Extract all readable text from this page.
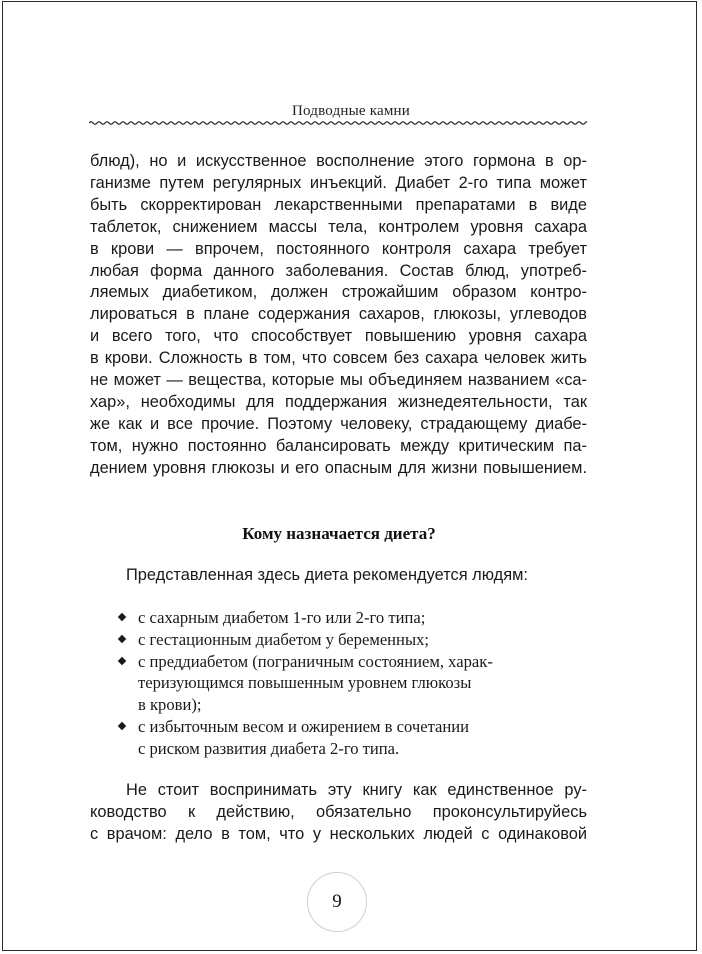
Подводные камни
блюд), но и искусственное восполнение этого гормона в ор-
ганизме путем регулярных инъекций. Диабет 2-го типа может
быть скорректирован лекарственными препаратами в виде
таблеток, снижением массы тела, контролем уровня сахара
в крови — впрочем, постоянного контроля сахара требует
любая форма данного заболевания. Состав блюд, употреб-
ляемых диабетиком, должен строжайшим образом контро-
лироваться в плане содержания сахаров, глюкозы, углеводов
и всего того, что способствует повышению уровня сахара
в крови. Сложность в том, что совсем без сахара человек жить
не может — вещества, которые мы объединяем названием «са-
хар», необходимы для поддержания жизнедеятельности, так
же как и все прочие. Поэтому человеку, страдающему диабе-
том, нужно постоянно балансировать между критическим па-
дением уровня глюкозы и его опасным для жизни повышением.
Кому назначается диета?
Представленная здесь диета рекомендуется людям:
с сахарным диабетом 1-го или 2-го типа;
с гестационным диабетом у беременных;
с преддиабетом (пограничным состоянием, харак-
теризующимся повышенным уровнем глюкозы
в крови);
с избыточным весом и ожирением в сочетании
с риском развития диабета 2-го типа.
Не стоит воспринимать эту книгу как единственное ру-
ководство к действию, обязательно проконсультируйесь
с врачом: дело в том, что у нескольких людей с одинаковой
9
